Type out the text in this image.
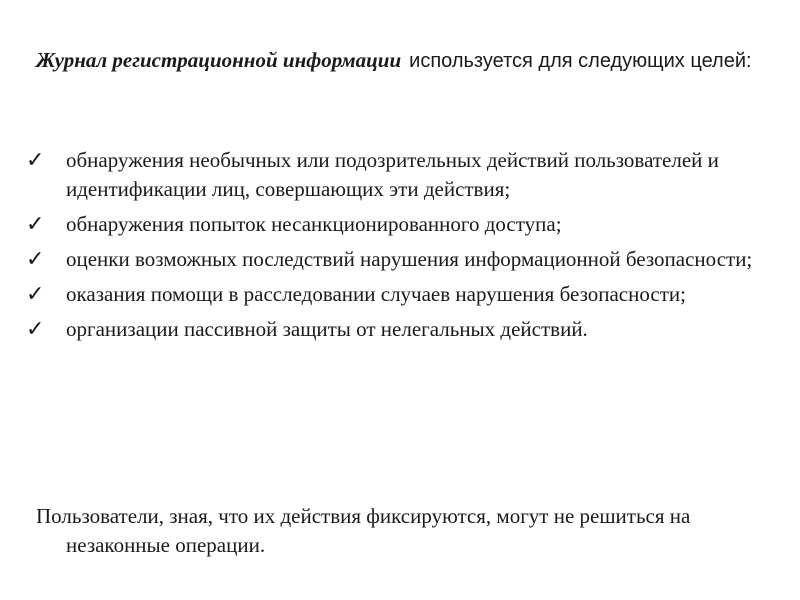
Журнал регистрационной информации используется для следующих целей:

✓	обнаружения необычных или подозрительных действий пользователей и идентификации лиц, совершающих эти действия;
✓	обнаружения попыток несанкционированного доступа;
✓	оценки возможных последствий нарушения информационной безопасности;
✓	оказания помощи в расследовании случаев нарушения безопасности;
✓	организации пассивной защиты от нелегальных действий.

Пользователи, зная, что их действия фиксируются, могут не решиться на незаконные операции.
